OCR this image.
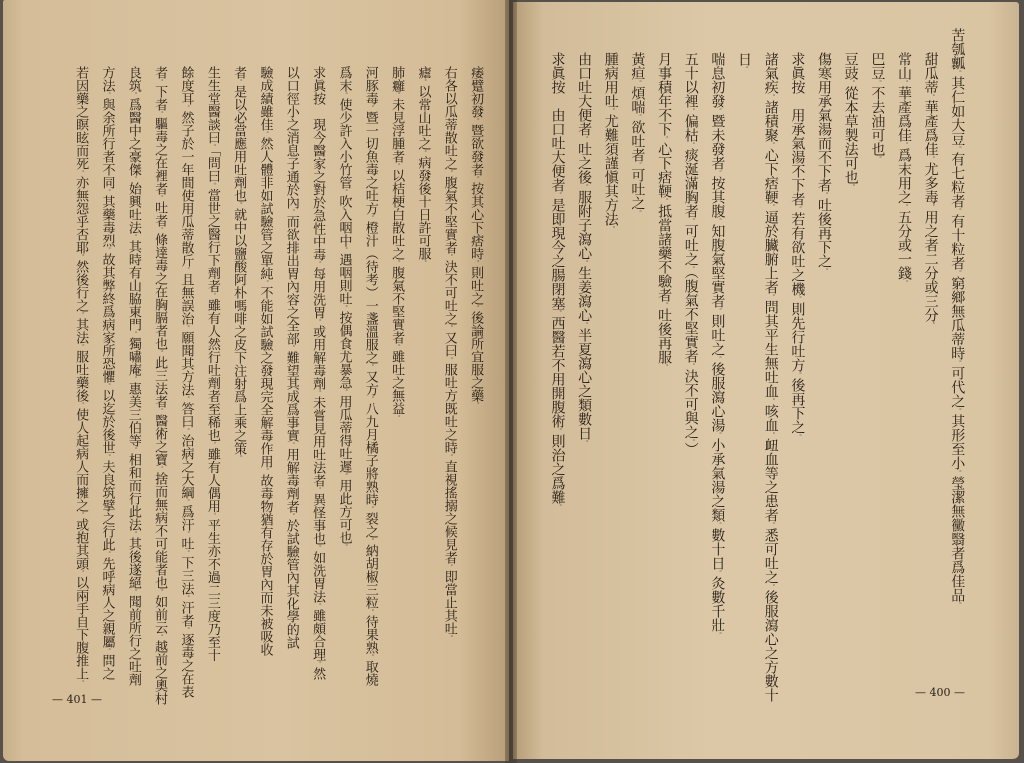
痿躄初發。暨欲發者。按其心下痞時。則吐之。後論所宜服之藥。
右各以瓜蒂散吐之。腹氣不堅實者。決不可吐之。又曰。服吐方既吐之時。直視搖搦之候見者。即當止其吐。
瘧。以常山吐之。病發後十日許可服。
肺癰。未見浮腫者。以桔梗白散吐之。腹氣不堅實者。雖吐之無益。
河豚毒。暨一切魚毒之吐方。橙汁（待考）一盞溫服之。又方。八九月橘子將熟時。裂之。納胡椒三粒。待果熟。取燒
爲末。使少許入小竹管。吹入咽中。遇咽則吐。按偶食尤暴急。用瓜蒂得吐遲。用此方可也。
求眞按　現今醫家之對於急性中毒。每用洗胃。或用解毒劑。未嘗見用吐法者。異怪事也。如洗胃法。雖頗合理。然
以口徑小之消息子通於內。而欲排出胃內容之全部。難望其成爲事實。用解毒劑者。於試驗管內其化學的試
驗成績雖佳。然人體非如試驗管之單純。不能如試驗之發現完全解毒作用。故毒物猶有存於胃內而未被吸收
者。是以必當應用吐劑也。就中以鹽酸阿朴嗎啡之皮下注射爲上乘之策。
生生堂醫談曰。「問曰。當世之醫行下劑者。雖有人然行吐劑者至稀也。雖有人偶用。平生亦不過二三度乃至十
餘度耳。然子於一年間使用瓜蒂散斤。且無誤治。願聞其方法。答曰。治病之大綱。爲汗。吐。下三法。汗者。逐毒之在表
者。下者。驅毒之在裡者。吐者。條達毒之在胸膈者也。此三法者。醫術之寶。捨而無病不可能者也。如前云。越前之奧村
良筑。爲醫中之豪傑。始興吐法。其時有山脇東門。獨嘯庵。惠美三伯等。相和而行此法。其後遂絕。聞前所行之吐劑
方法。與余所行者不同。其藥毒烈。故其弊終爲病家所恐懼。以迄於後世。夫良筑擘之行此。先呼病人之親屬。問之
若因藥之瞑眩而死。亦無怨乎否耶。然後行之。其法。服吐藥後。使人起病人而擁之。或抱其頭。以兩手自下腹推上。
苦瓠瓤。其仁如大豆。有七粒者。有十粒者。窮鄉無瓜蒂時。可代之。其形至小。瑩潔無黴翳者爲佳品。
甜瓜蒂。華產爲佳。尤多毒。用之者二分或三分。
常山。華產爲佳。爲末用之。五分或一錢。
巴豆。不去油可也。
豆豉。從本草製法可也。
傷寒用承氣湯而不下者。吐後再下之。
求眞按　用承氣湯不下者。若有欲吐之機。則先行吐方。後再下之。
諸氣疾。諸積聚。心下痞鞕。逼於臟腑上者。問其平生無吐血。咳血。衄血等之患者。悉可吐之。後服瀉心之方數十
日。
喘息初發。暨未發者。按其腹。知腹氣堅實者。則吐之。後服瀉心湯。小承氣湯之類。數十日。灸數千壯。
五十以裡。偏枯。痰涎滿胸者。可吐之。（腹氣不堅實者。決不可與之。）
月事積年不下。心下痞鞕。抵當諸藥不驗者。吐後再服。
黃疸。煩喘。欲吐者。可吐之。
腫病用吐。尤難須謹愼其方法。
由口吐大便者。吐之後。服附子瀉心。生姜瀉心。半夏瀉心之類數日。
求眞按　由口吐大便者。是即現今之腸閉塞。西醫若不用開腹術。則治之爲難。
— 401 —
— 400 —
